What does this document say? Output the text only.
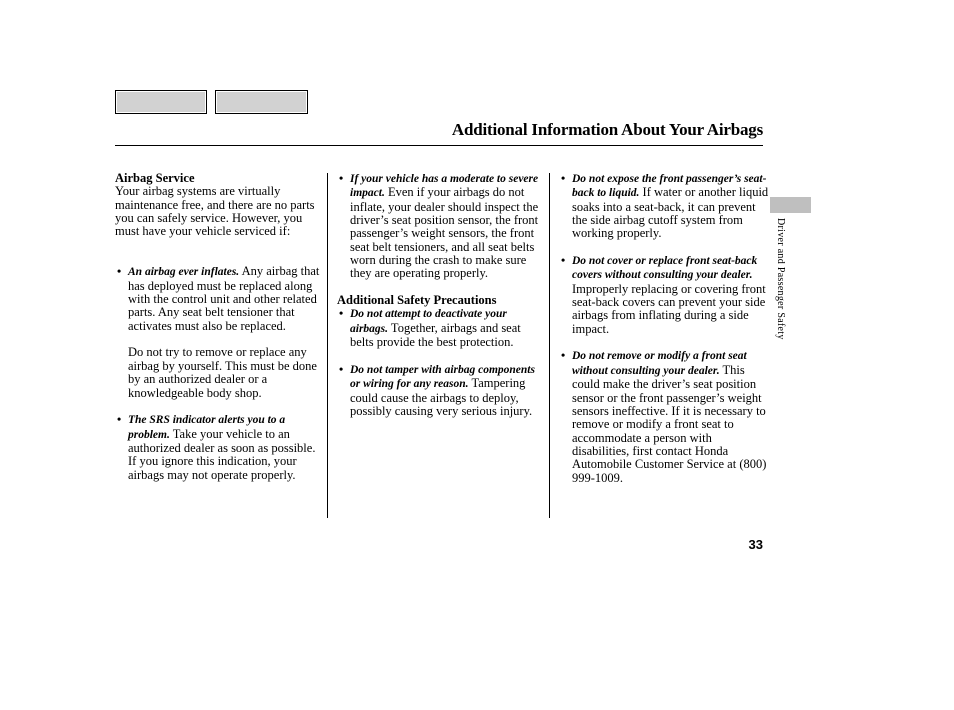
Additional Information About Your Airbags
Airbag Service

Your airbag systems are virtually maintenance free, and there are no parts you can safely service. However, you must have your vehicle serviced if:

• An airbag ever inflates. Any airbag that has deployed must be replaced along with the control unit and other related parts. Any seat belt tensioner that activates must also be replaced.

Do not try to remove or replace any airbag by yourself. This must be done by an authorized dealer or a knowledgeable body shop.

• The SRS indicator alerts you to a problem. Take your vehicle to an authorized dealer as soon as possible. If you ignore this indication, your airbags may not operate properly.
• If your vehicle has a moderate to severe impact. Even if your airbags do not inflate, your dealer should inspect the driver’s seat position sensor, the front passenger’s weight sensors, the front seat belt tensioners, and all seat belts worn during the crash to make sure they are operating properly.
Additional Safety Precautions
• Do not attempt to deactivate your airbags. Together, airbags and seat belts provide the best protection.
• Do not tamper with airbag components or wiring for any reason. Tampering could cause the airbags to deploy, possibly causing very serious injury.
• Do not expose the front passenger’s seat-back to liquid. If water or another liquid soaks into a seat-back, it can prevent the side airbag cutoff system from working properly.
• Do not cover or replace front seat-back covers without consulting your dealer. Improperly replacing or covering front seat-back covers can prevent your side airbags from inflating during a side impact.
• Do not remove or modify a front seat without consulting your dealer. This could make the driver’s seat position sensor or the front passenger’s weight sensors ineffective. If it is necessary to remove or modify a front seat to accommodate a person with disabilities, first contact Honda Automobile Customer Service at (800) 999-1009.
Driver and Passenger Safety
33
